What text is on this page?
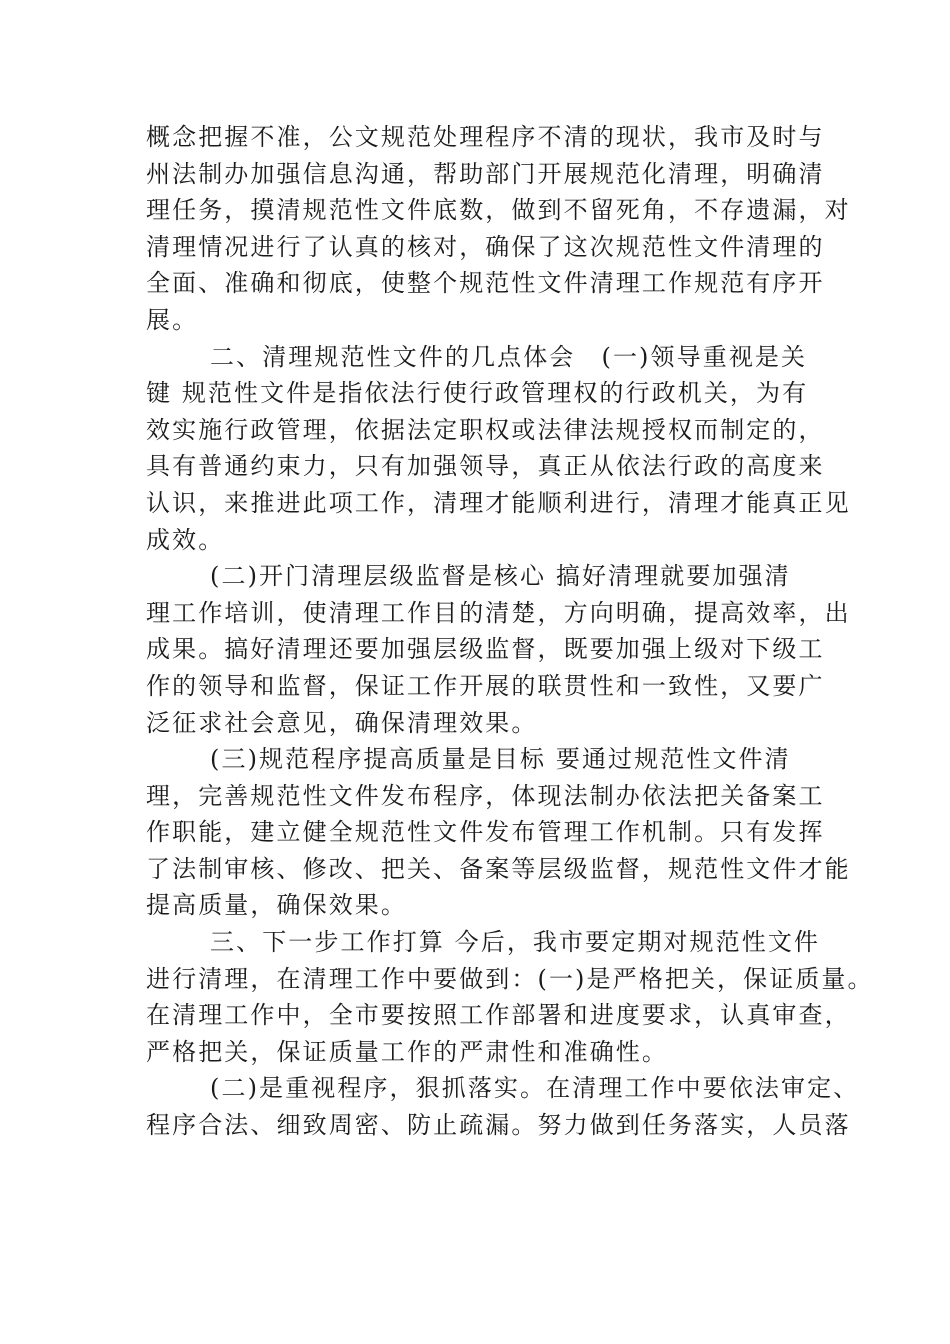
概念把握不准，公文规范处理程序不清的现状，我市及时与
州法制办加强信息沟通，帮助部门开展规范化清理，明确清
理任务，摸清规范性文件底数，做到不留死角，不存遗漏，对
清理情况进行了认真的核对，确保了这次规范性文件清理的
全面、准确和彻底，使整个规范性文件清理工作规范有序开
展。
二、清理规范性文件的几点体会　(一)领导重视是关
键 规范性文件是指依法行使行政管理权的行政机关，为有
效实施行政管理，依据法定职权或法律法规授权而制定的，
具有普通约束力，只有加强领导，真正从依法行政的高度来
认识，来推进此项工作，清理才能顺利进行，清理才能真正见
成效。
(二)开门清理层级监督是核心 搞好清理就要加强清
理工作培训，使清理工作目的清楚，方向明确，提高效率，出
成果。搞好清理还要加强层级监督，既要加强上级对下级工
作的领导和监督，保证工作开展的联贯性和一致性，又要广
泛征求社会意见，确保清理效果。
(三)规范程序提高质量是目标 要通过规范性文件清
理，完善规范性文件发布程序，体现法制办依法把关备案工
作职能，建立健全规范性文件发布管理工作机制。只有发挥
了法制审核、修改、把关、备案等层级监督，规范性文件才能
提高质量，确保效果。
三、下一步工作打算 今后，我市要定期对规范性文件
进行清理，在清理工作中要做到：(一)是严格把关，保证质量。
在清理工作中，全市要按照工作部署和进度要求，认真审查，
严格把关，保证质量工作的严肃性和准确性。
(二)是重视程序，狠抓落实。在清理工作中要依法审定、
程序合法、细致周密、防止疏漏。努力做到任务落实，人员落
